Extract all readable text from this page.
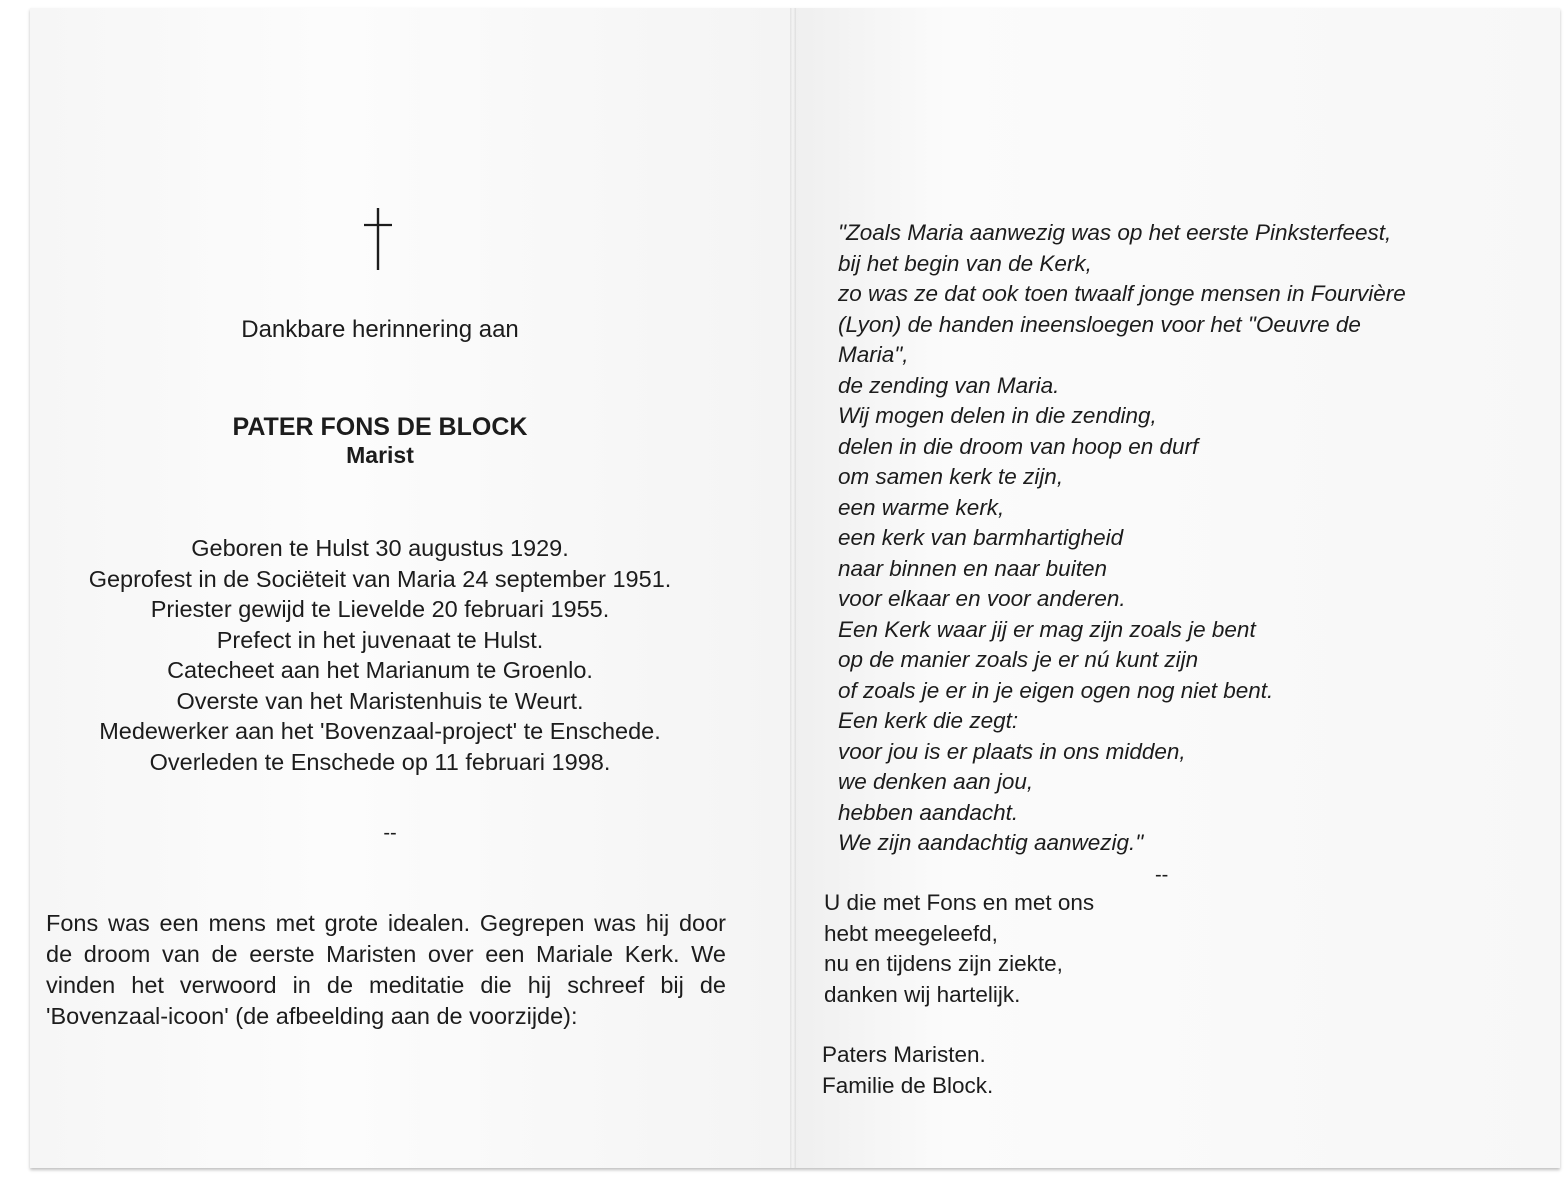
Dankbare herinnering aan
PATER FONS DE BLOCK
Marist
Geboren te Hulst 30 augustus 1929.
Geprofest in de Sociëteit van Maria 24 september 1951.
Priester gewijd te Lievelde 20 februari 1955.
Prefect in het juvenaat te Hulst.
Catecheet aan het Marianum te Groenlo.
Overste van het Maristenhuis te Weurt.
Medewerker aan het 'Bovenzaal-project' te Enschede.
Overleden te Enschede op 11 februari 1998.
--
Fons was een mens met grote idealen. Gegrepen was hij door de droom van de eerste Maristen over een Mariale Kerk. We vinden het verwoord in de meditatie die hij schreef bij de 'Bovenzaal-icoon' (de afbeelding aan de voorzijde):
"Zoals Maria aanwezig was op het eerste Pinksterfeest,
bij het begin van de Kerk,
zo was ze dat ook toen twaalf jonge mensen in Fourvière
(Lyon) de handen ineensloegen voor het "Oeuvre de
Maria",
de zending van Maria.
Wij mogen delen in die zending,
delen in die droom van hoop en durf
om samen kerk te zijn,
een warme kerk,
een kerk van barmhartigheid
naar binnen en naar buiten
voor elkaar en voor anderen.
Een Kerk waar jij er mag zijn zoals je bent
op de manier zoals je er nú kunt zijn
of zoals je er in je eigen ogen nog niet bent.
Een kerk die zegt:
voor jou is er plaats in ons midden,
we denken aan jou,
hebben aandacht.
We zijn aandachtig aanwezig."
--
U die met Fons en met ons
hebt meegeleefd,
nu en tijdens zijn ziekte,
danken wij hartelijk.
Paters Maristen.
Familie de Block.
